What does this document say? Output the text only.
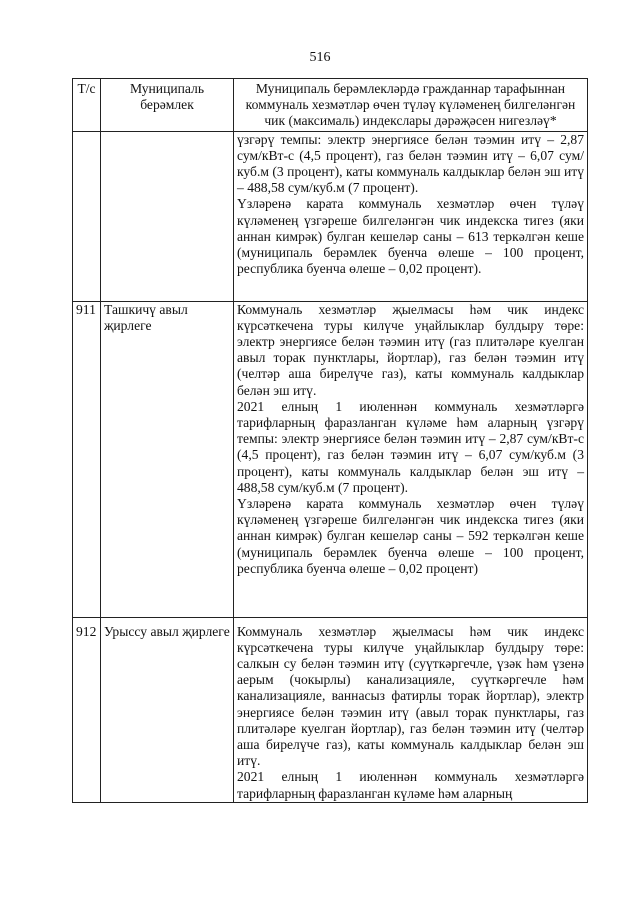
516
Т/с	Муниципаль берәмлек	Муниципаль берәмлекләрдә гражданнар тарафыннан коммуналь хезмәтләр өчен түләү күләменең билгеләнгән чик (максималь) индекслары дәрәҗәсен нигезләү*

		үзгәрү темпы: электр энергиясе белән тәэмин итү – 2,87 сум/кВт-с (4,5 процент), газ белән тәэмин итү – 6,07 сум/куб.м (3 процент), каты коммуналь калдыклар белән эш итү – 488,58 сум/куб.м (7 процент).

Үзләренә карата коммуналь хезмәтләр өчен түләү күләменең үзгәреше билгеләнгән чик индекска тигез (яки аннан кимрәк) булган кешеләр саны – 613 теркәлгән кеше (муниципаль берәмлек буенча өлеше – 100 процент, республика буенча өлеше – 0,02 процент).

911	Ташкичү авыл җирлеге	Коммуналь хезмәтләр җыелмасы һәм чик индекс күрсәткечена туры килүче уңайлыклар булдыру төре: электр энергиясе белән тәэмин итү (газ плитәләре куелган авыл торак пунктлары, йортлар), газ белән тәэмин итү (челтәр аша бирелүче газ), каты коммуналь калдыклар белән эш итү.

2021 елның 1 июленнән коммуналь хезмәтләргә тарифларның фаразланган күләме һәм аларның үзгәрү темпы: электр энергиясе белән тәэмин итү – 2,87 сум/кВт-с (4,5 процент), газ белән тәэмин итү – 6,07 сум/куб.м (3 процент), каты коммуналь калдыклар белән эш итү – 488,58 сум/куб.м (7 процент).

Үзләренә карата коммуналь хезмәтләр өчен түләү күләменең үзгәреше билгеләнгән чик индекска тигез (яки аннан кимрәк) булган кешеләр саны – 592 теркәлгән кеше (муниципаль берәмлек буенча өлеше – 100 процент, республика буенча өлеше – 0,02 процент)

912	Урыссу авыл җирлеге	Коммуналь хезмәтләр җыелмасы һәм чик индекс күрсәткечена туры килүче уңайлыклар булдыру төре: салкын су белән тәэмин итү (суүткәргечле, үзәк һәм үзенә аерым (чокырлы) канализацияле, суүткәргечле һәм канализацияле, ваннасыз фатирлы торак йортлар), электр энергиясе белән тәэмин итү (авыл торак пунктлары, газ плитәләре куелган йортлар), газ белән тәэмин итү (челтәр аша бирелүче газ), каты коммуналь калдыклар белән эш итү.

2021 елның 1 июленнән коммуналь хезмәтләргә тарифларның фаразланган күләме һәм аларның
